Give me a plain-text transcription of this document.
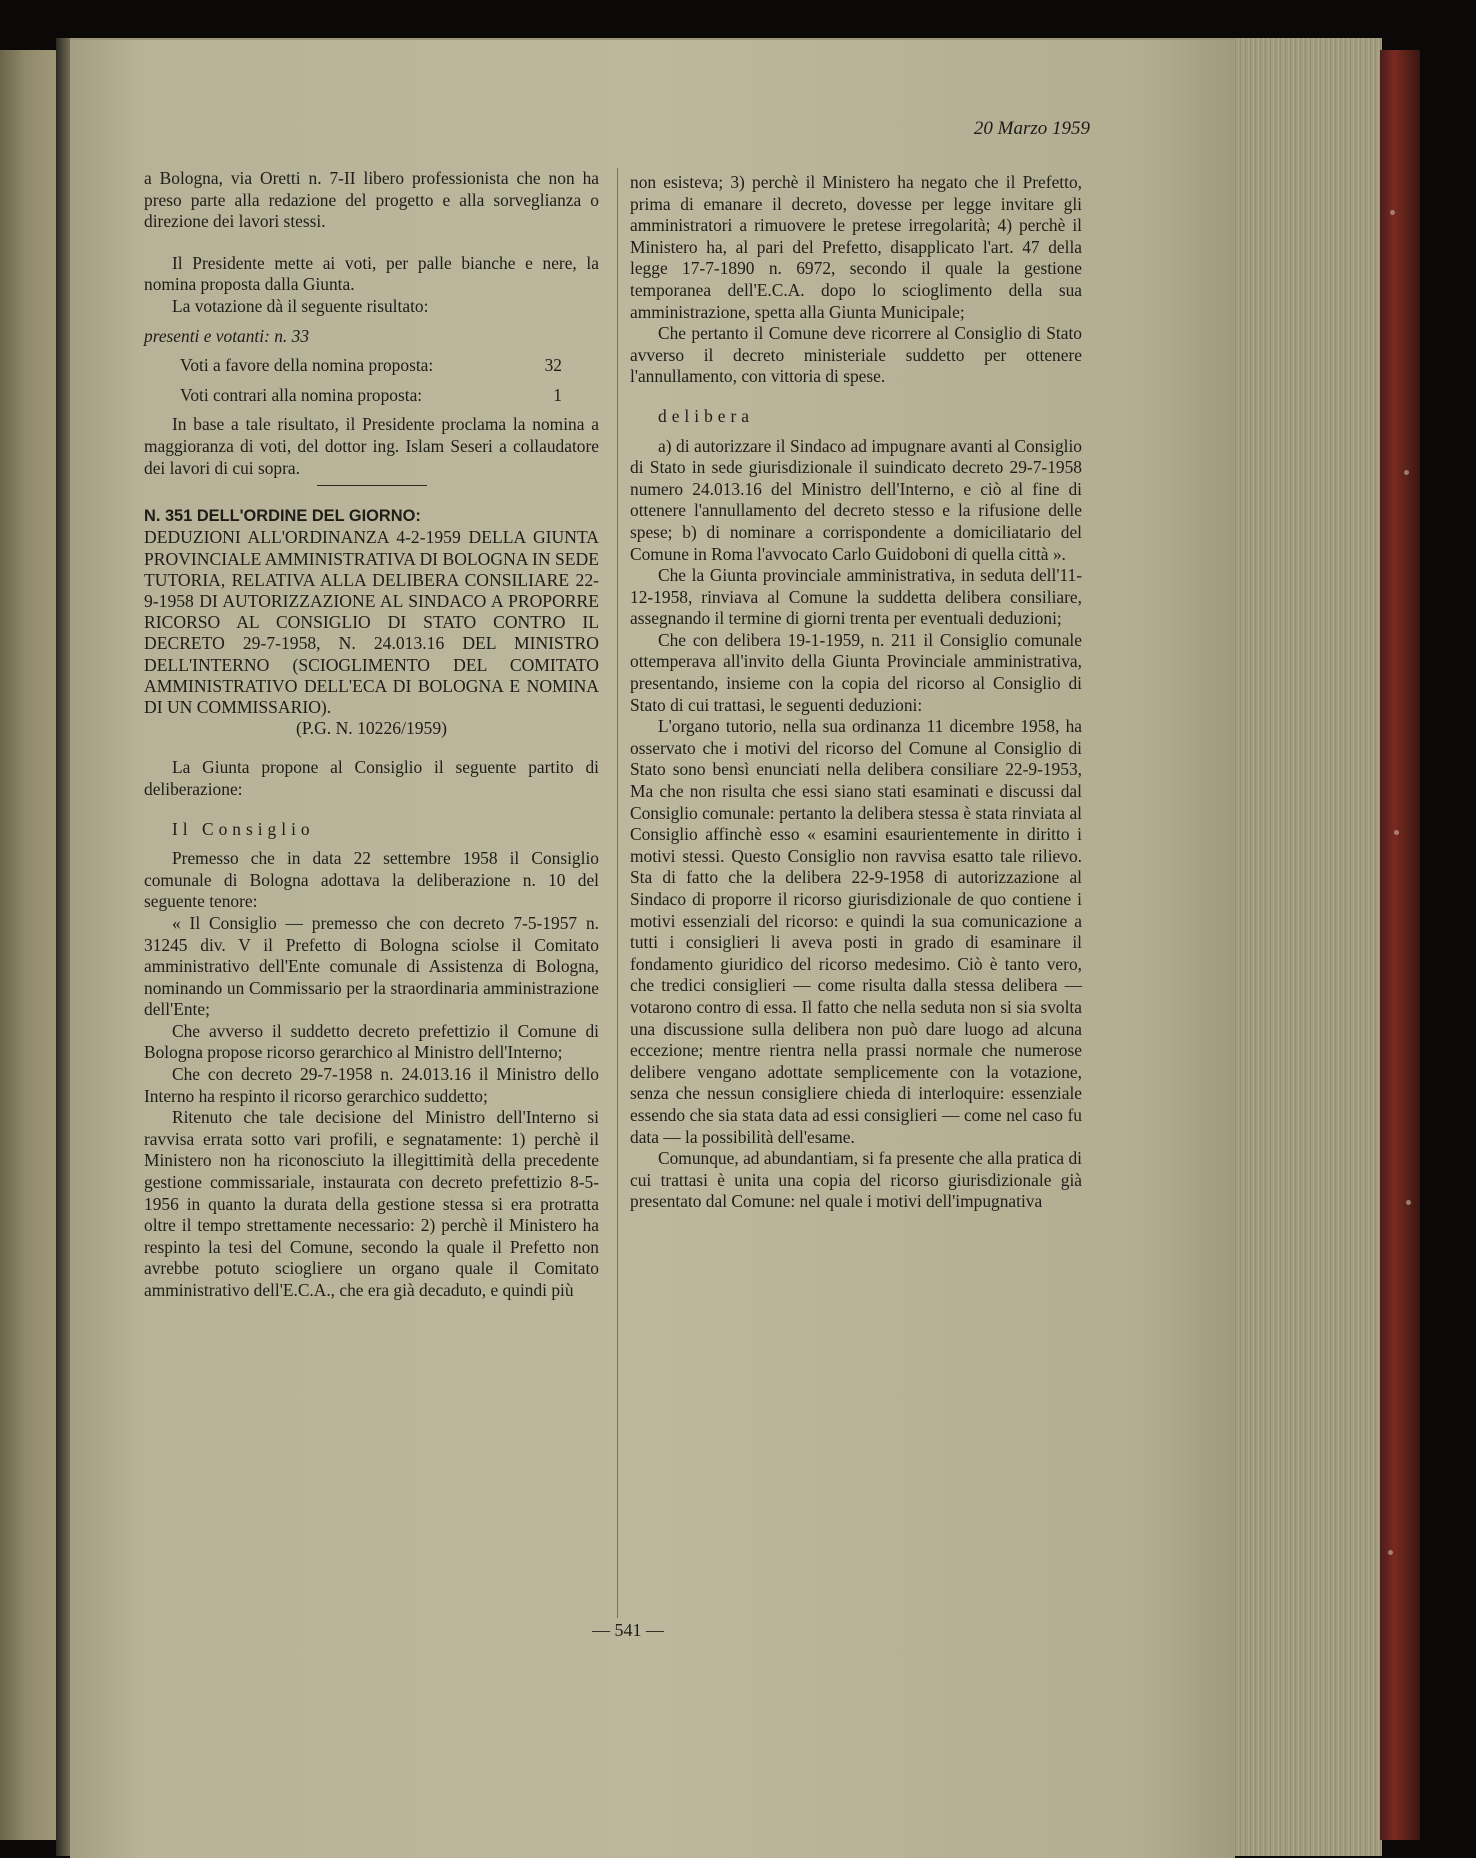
20 Marzo 1959

a Bologna, via Oretti n. 7-II libero professionista che non ha preso parte alla redazione del progetto e alla sorveglianza o direzione dei lavori stessi.

Il Presidente mette ai voti, per palle bianche e nere, la nomina proposta dalla Giunta.

La votazione dà il seguente risultato:

presenti e votanti: n. 33

Voti a favore della nomina proposta:	32
Voti contrari alla nomina proposta:	1

In base a tale risultato, il Presidente proclama la nomina a maggioranza di voti, del dottor ing. Islam Seseri a collaudatore dei lavori di cui sopra.

N. 351 DELL'ORDINE DEL GIORNO:
DEDUZIONI ALL'ORDINANZA 4-2-1959 DELLA GIUNTA PROVINCIALE AMMINISTRATIVA DI BOLOGNA IN SEDE TUTORIA, RELATIVA ALLA DELIBERA CONSILIARE 22-9-1958 DI AUTORIZZAZIONE AL SINDACO A PROPORRE RICORSO AL CONSIGLIO DI STATO CONTRO IL DECRETO 29-7-1958, N. 24.013.16 DEL MINISTRO DELL'INTERNO (SCIOGLIMENTO DEL COMITATO AMMINISTRATIVO DELL'ECA DI BOLOGNA E NOMINA DI UN COMMISSARIO).
(P.G. N. 10226/1959)

La Giunta propone al Consiglio il seguente partito di deliberazione:

Il Consiglio

Premesso che in data 22 settembre 1958 il Consiglio comunale di Bologna adottava la deliberazione n. 10 del seguente tenore:

« Il Consiglio — premesso che con decreto 7-5-1957 n. 31245 div. V il Prefetto di Bologna sciolse il Comitato amministrativo dell'Ente comunale di Assistenza di Bologna, nominando un Commissario per la straordinaria amministrazione dell'Ente;

Che avverso il suddetto decreto prefettizio il Comune di Bologna propose ricorso gerarchico al Ministro dell'Interno;

Che con decreto 29-7-1958 n. 24.013.16 il Ministro dello Interno ha respinto il ricorso gerarchico suddetto;

Ritenuto che tale decisione del Ministro dell'Interno si ravvisa errata sotto vari profili, e segnatamente: 1) perchè il Ministero non ha riconosciuto la illegittimità della precedente gestione commissariale, instaurata con decreto prefettizio 8-5-1956 in quanto la durata della gestione stessa si era protratta oltre il tempo strettamente necessario: 2) perchè il Ministero ha respinto la tesi del Comune, secondo la quale il Prefetto non avrebbe potuto sciogliere un organo quale il Comitato amministrativo dell'E.C.A., che era già decaduto, e quindi più

non esisteva; 3) perchè il Ministero ha negato che il Prefetto, prima di emanare il decreto, dovesse per legge invitare gli amministratori a rimuovere le pretese irregolarità; 4) perchè il Ministero ha, al pari del Prefetto, disapplicato l'art. 47 della legge 17-7-1890 n. 6972, secondo il quale la gestione temporanea dell'E.C.A. dopo lo scioglimento della sua amministrazione, spetta alla Giunta Municipale;

Che pertanto il Comune deve ricorrere al Consiglio di Stato avverso il decreto ministeriale suddetto per ottenere l'annullamento, con vittoria di spese.

delibera

a) di autorizzare il Sindaco ad impugnare avanti al Consiglio di Stato in sede giurisdizionale il suindicato decreto 29-7-1958 numero 24.013.16 del Ministro dell'Interno, e ciò al fine di ottenere l'annullamento del decreto stesso e la rifusione delle spese; b) di nominare a corrispondente a domiciliatario del Comune in Roma l'avvocato Carlo Guidoboni di quella città ».

Che la Giunta provinciale amministrativa, in seduta dell'11-12-1958, rinviava al Comune la suddetta delibera consiliare, assegnando il termine di giorni trenta per eventuali deduzioni;

Che con delibera 19-1-1959, n. 211 il Consiglio comunale ottemperava all'invito della Giunta Provinciale amministrativa, presentando, insieme con la copia del ricorso al Consiglio di Stato di cui trattasi, le seguenti deduzioni:

L'organo tutorio, nella sua ordinanza 11 dicembre 1958, ha osservato che i motivi del ricorso del Comune al Consiglio di Stato sono bensì enunciati nella delibera consiliare 22-9-1953, Ma che non risulta che essi siano stati esaminati e discussi dal Consiglio comunale: pertanto la delibera stessa è stata rinviata al Consiglio affinchè esso « esamini esaurientemente in diritto i motivi stessi. Questo Consiglio non ravvisa esatto tale rilievo. Sta di fatto che la delibera 22-9-1958 di autorizzazione al Sindaco di proporre il ricorso giurisdizionale de quo contiene i motivi essenziali del ricorso: e quindi la sua comunicazione a tutti i consiglieri li aveva posti in grado di esaminare il fondamento giuridico del ricorso medesimo. Ciò è tanto vero, che tredici consiglieri — come risulta dalla stessa delibera — votarono contro di essa. Il fatto che nella seduta non si sia svolta una discussione sulla delibera non può dare luogo ad alcuna eccezione; mentre rientra nella prassi normale che numerose delibere vengano adottate semplicemente con la votazione, senza che nessun consigliere chieda di interloquire: essenziale essendo che sia stata data ad essi consiglieri — come nel caso fu data — la possibilità dell'esame.

Comunque, ad abundantiam, si fa presente che alla pratica di cui trattasi è unita una copia del ricorso giurisdizionale già presentato dal Comune: nel quale i motivi dell'impugnativa

— 541 —
